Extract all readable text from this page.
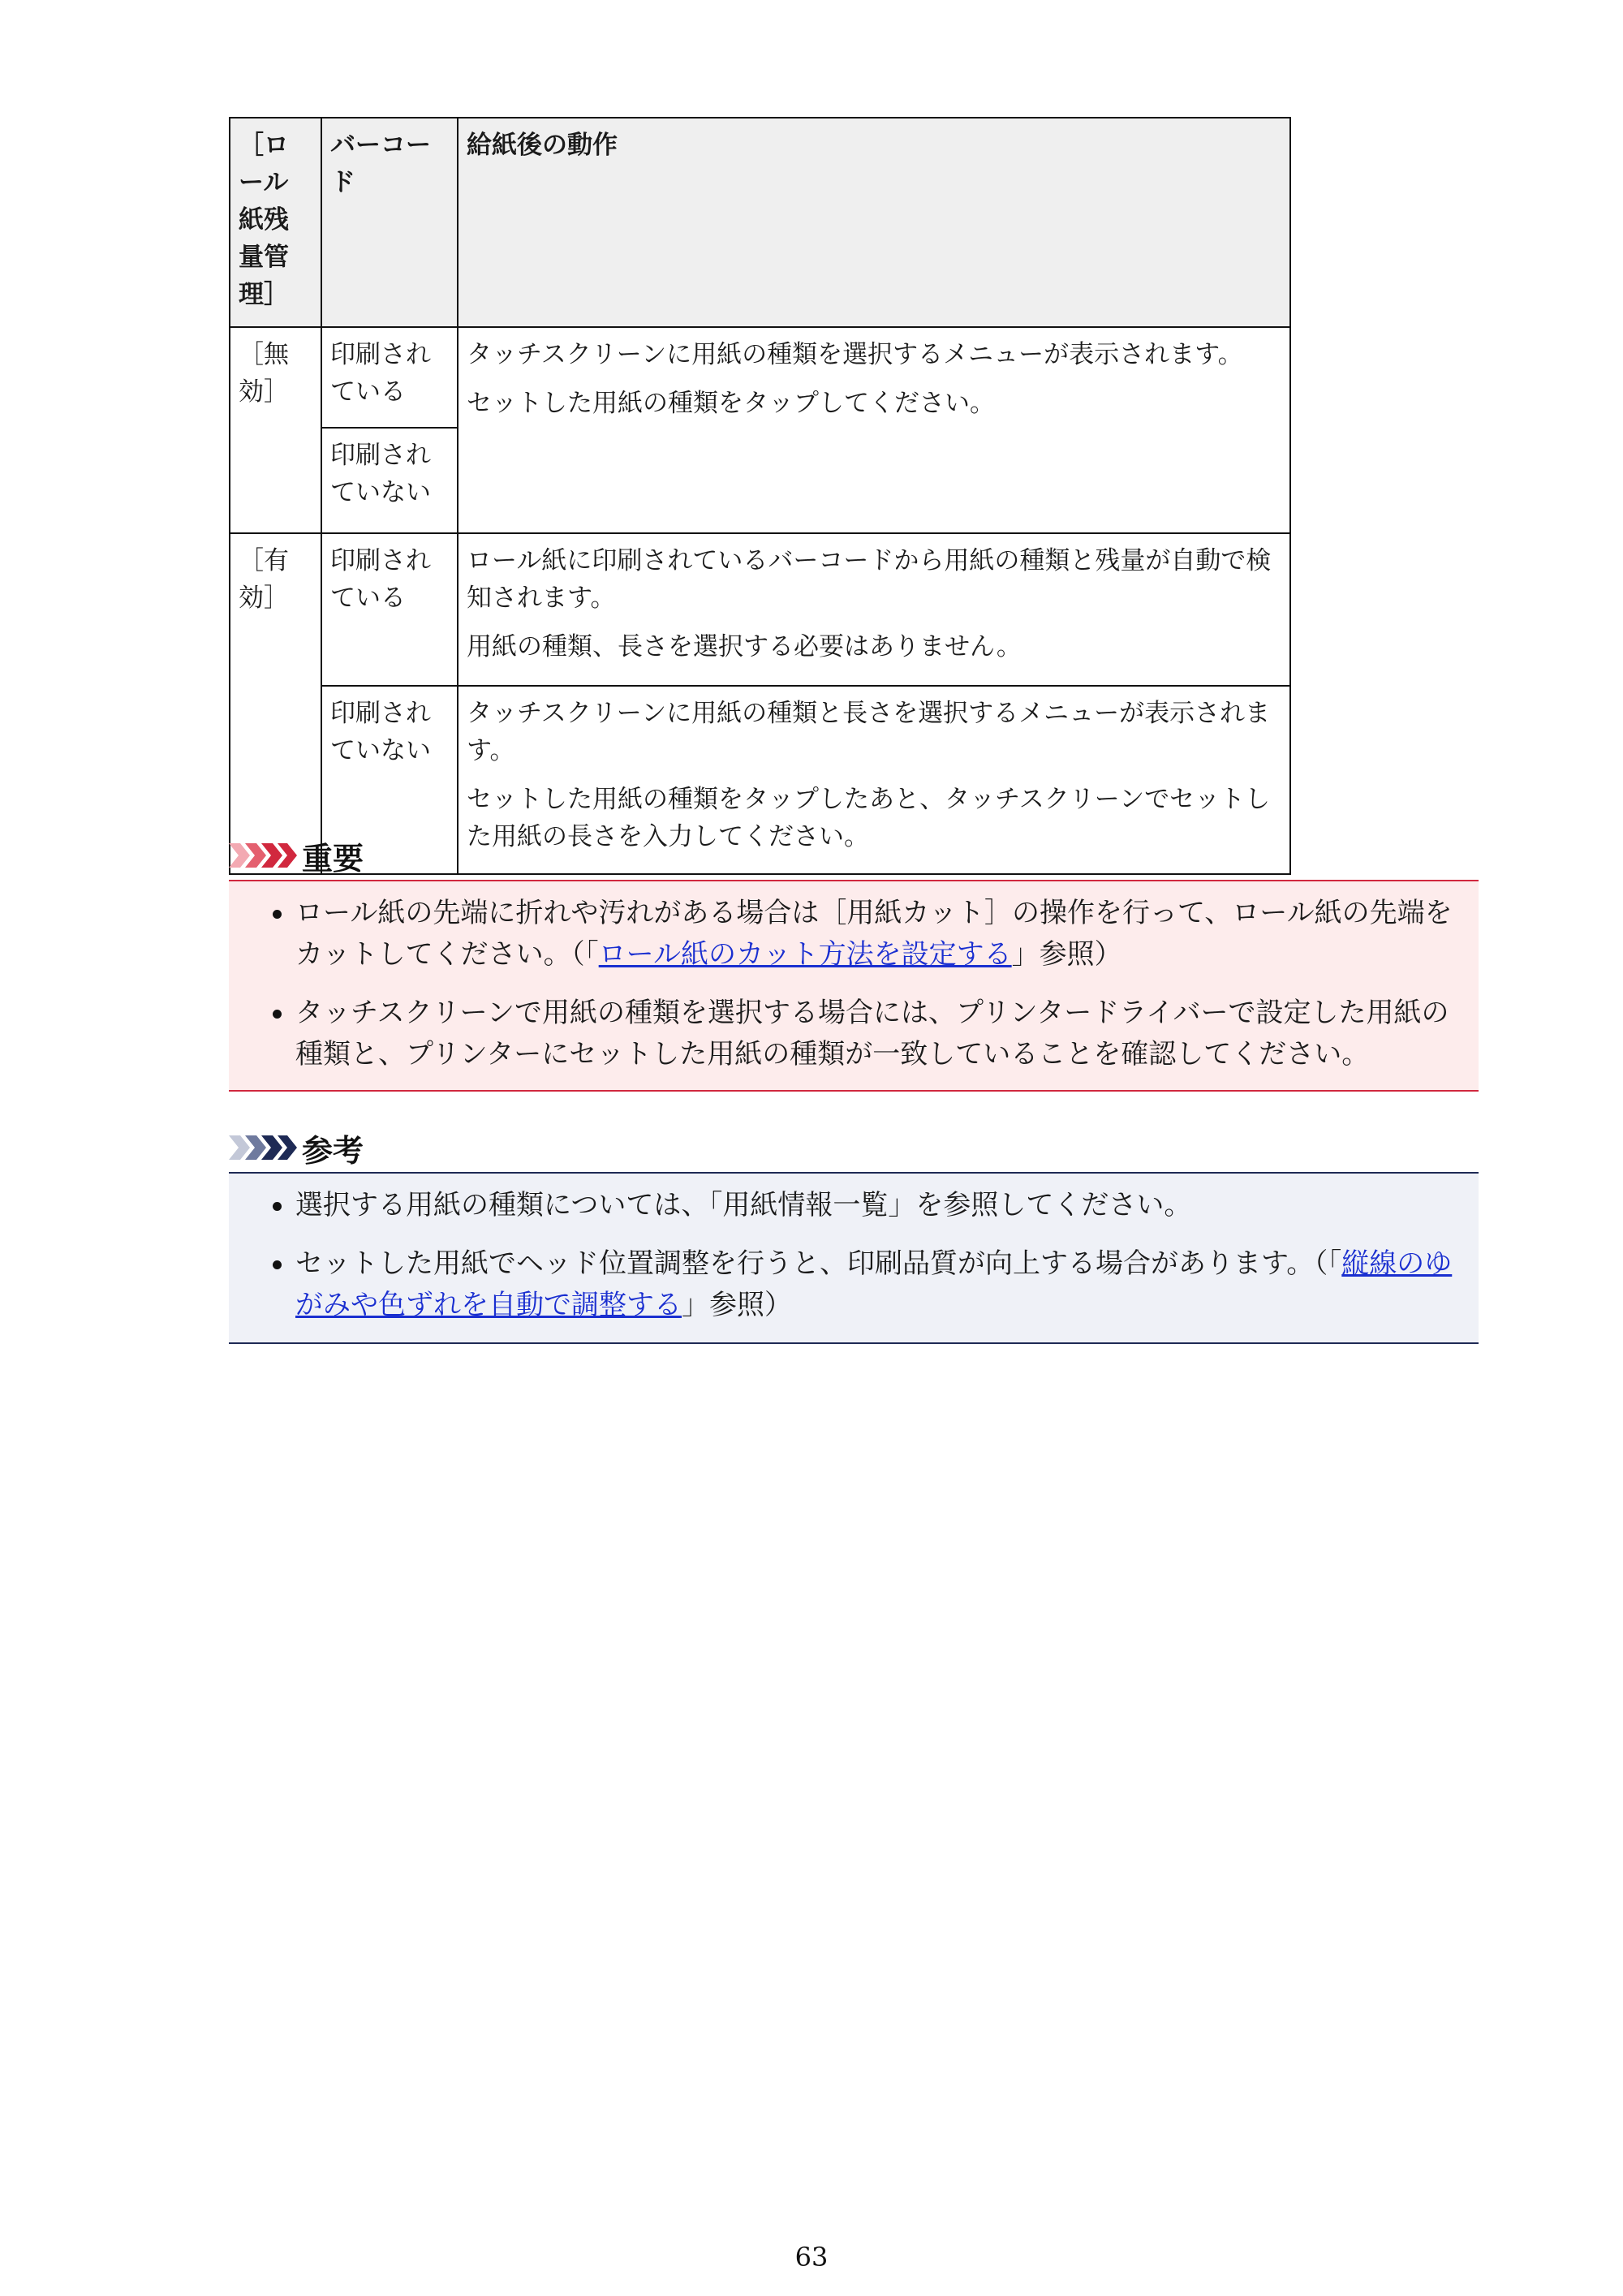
［ロール紙残量管理］	バーコード	給紙後の動作
［無効］	印刷されている	タッチスクリーンに用紙の種類を選択するメニューが表示されます。

セットした用紙の種類をタップしてください。

	印刷されていない	
［有効］	印刷されている	ロール紙に印刷されているバーコードから用紙の種類と残量が自動で検知されます。

用紙の種類、長さを選択する必要はありません。

	印刷されていない	タッチスクリーンに用紙の種類と長さを選択するメニューが表示されます。

セットした用紙の種類をタップしたあと、タッチスクリーンでセットした用紙の長さを入力してください。

重要
ロール紙の先端に折れや汚れがある場合は［用紙カット］の操作を行って、ロール紙の先端をカットしてください。（「ロール紙のカット方法を設定する」参照）
タッチスクリーンで用紙の種類を選択する場合には、プリンタードライバーで設定した用紙の種類と、プリンターにセットした用紙の種類が一致していることを確認してください。
参考
選択する用紙の種類については、「用紙情報一覧」を参照してください。
セットした用紙でヘッド位置調整を行うと、印刷品質が向上する場合があります。（「縦線のゆがみや色ずれを自動で調整する」参照）
63
